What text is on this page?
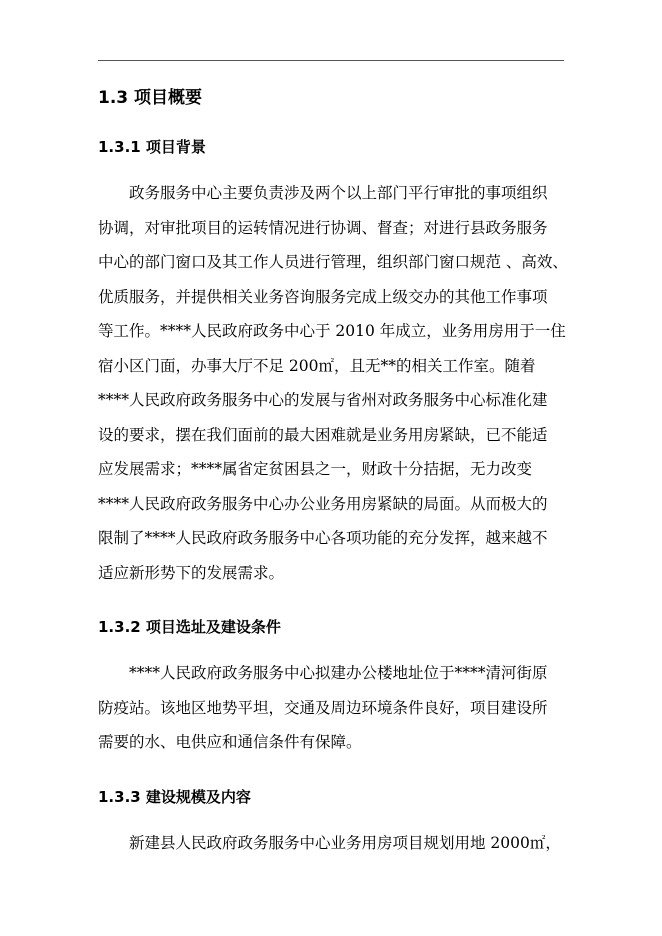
1.3 项目概要
1.3.1 项目背景
政务服务中心主要负责涉及两个以上部门平行审批的事项组织
协调，对审批项目的运转情况进行协调、督查；对进行县政务服务
中心的部门窗口及其工作人员进行管理，组织部门窗口规范 、高效、
优质服务，并提供相关业务咨询服务完成上级交办的其他工作事项
等工作。****人民政府政务中心于 2010 年成立，业务用房用于一住
宿小区门面，办事大厅不足 200㎡，且无**的相关工作室。随着
****人民政府政务服务中心的发展与省州对政务服务中心标准化建
设的要求，摆在我们面前的最大困难就是业务用房紧缺，已不能适
应发展需求；****属省定贫困县之一，财政十分拮据，无力改变
****人民政府政务服务中心办公业务用房紧缺的局面。从而极大的
限制了****人民政府政务服务中心各项功能的充分发挥，越来越不
适应新形势下的发展需求。
1.3.2 项目选址及建设条件
****人民政府政务服务中心拟建办公楼地址位于****清河街原
防疫站。该地区地势平坦，交通及周边环境条件良好，项目建设所
需要的水、电供应和通信条件有保障。
1.3.3 建设规模及内容
新建县人民政府政务服务中心业务用房项目规划用地 2000㎡，
